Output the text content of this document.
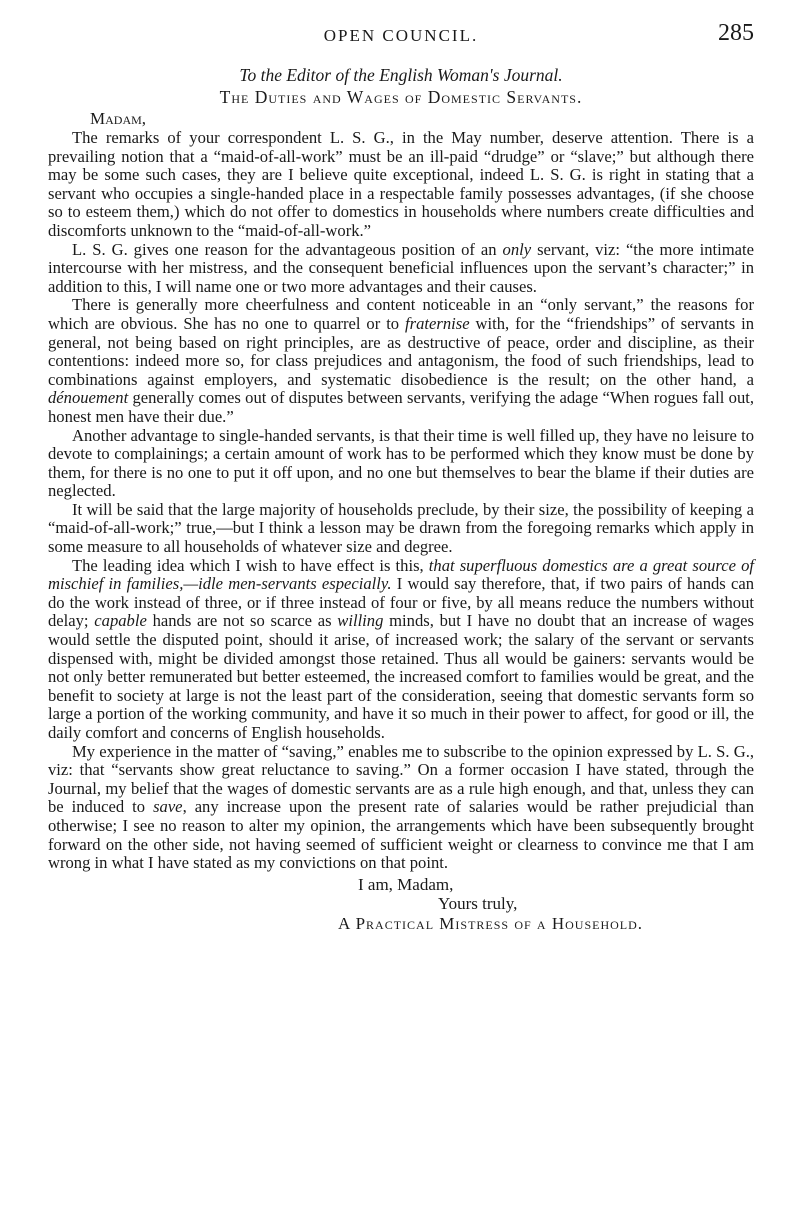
OPEN COUNCIL.	285
To the Editor of the English Woman's Journal.
The Duties and Wages of Domestic Servants.
Madam,

The remarks of your correspondent L. S. G., in the May number, deserve attention. There is a prevailing notion that a “maid-of-all-work” must be an ill-paid “drudge” or “slave;” but although there may be some such cases, they are I believe quite exceptional, indeed L. S. G. is right in stating that a servant who occupies a single-handed place in a respectable family possesses advantages, (if she choose so to esteem them,) which do not offer to domestics in households where numbers create difficulties and discomforts unknown to the “maid-of-all-work.”

L. S. G. gives one reason for the advantageous position of an only servant, viz: “the more intimate intercourse with her mistress, and the consequent beneficial influences upon the servant’s character;” in addition to this, I will name one or two more advantages and their causes.

There is generally more cheerfulness and content noticeable in an “only servant,” the reasons for which are obvious. She has no one to quarrel or to fraternise with, for the “friendships” of servants in general, not being based on right principles, are as destructive of peace, order and discipline, as their contentions: indeed more so, for class prejudices and antagonism, the food of such friendships, lead to combinations against employers, and systematic disobedience is the result; on the other hand, a dénouement generally comes out of disputes between servants, verifying the adage “When rogues fall out, honest men have their due.”

Another advantage to single-handed servants, is that their time is well filled up, they have no leisure to devote to complainings; a certain amount of work has to be performed which they know must be done by them, for there is no one to put it off upon, and no one but themselves to bear the blame if their duties are neglected.

It will be said that the large majority of households preclude, by their size, the possibility of keeping a “maid-of-all-work;” true,—but I think a lesson may be drawn from the foregoing remarks which apply in some measure to all households of whatever size and degree.

The leading idea which I wish to have effect is this, that superfluous domestics are a great source of mischief in families,—idle men-servants especially. I would say therefore, that, if two pairs of hands can do the work instead of three, or if three instead of four or five, by all means reduce the numbers without delay; capable hands are not so scarce as willing minds, but I have no doubt that an increase of wages would settle the disputed point, should it arise, of increased work; the salary of the servant or servants dispensed with, might be divided amongst those retained. Thus all would be gainers: servants would be not only better remunerated but better esteemed, the increased comfort to families would be great, and the benefit to society at large is not the least part of the consideration, seeing that domestic servants form so large a portion of the working community, and have it so much in their power to affect, for good or ill, the daily comfort and concerns of English households.

My experience in the matter of “saving,” enables me to subscribe to the opinion expressed by L. S. G., viz: that “servants show great reluctance to saving.” On a former occasion I have stated, through the Journal, my belief that the wages of domestic servants are as a rule high enough, and that, unless they can be induced to save, any increase upon the present rate of salaries would be rather prejudicial than otherwise; I see no reason to alter my opinion, the arrangements which have been subsequently brought forward on the other side, not having seemed of sufficient weight or clearness to convince me that I am wrong in what I have stated as my convictions on that point.

I am, Madam,
Yours truly,
A Practical Mistress of a Household.
